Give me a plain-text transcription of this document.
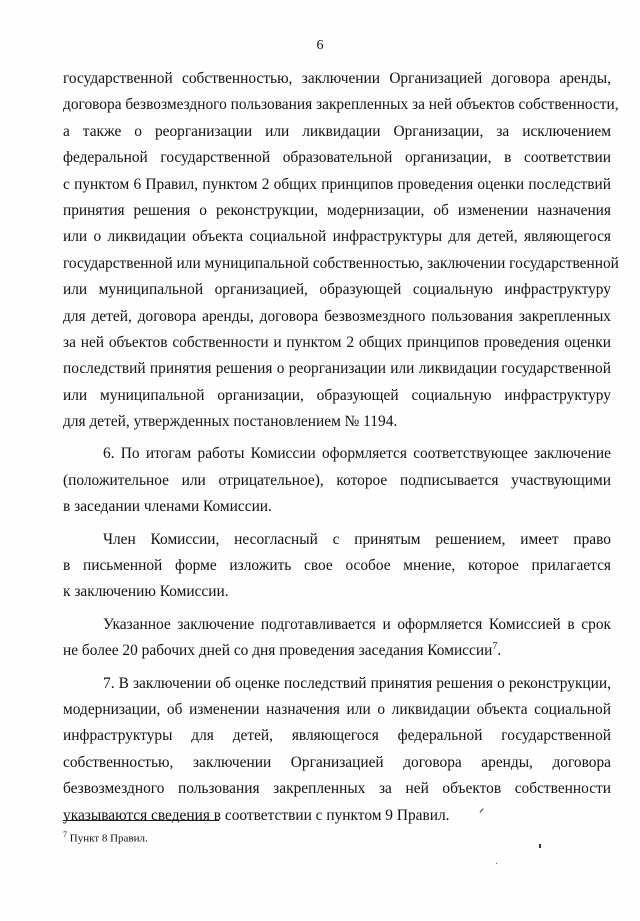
6
государственной собственностью, заключении Организацией договора аренды,
договора безвозмездного пользования закрепленных за ней объектов собственности,
а также о реорганизации или ликвидации Организации, за исключением
федеральной государственной образовательной организации, в соответствии
с пунктом 6 Правил, пунктом 2 общих принципов проведения оценки последствий
принятия решения о реконструкции, модернизации, об изменении назначения
или о ликвидации объекта социальной инфраструктуры для детей, являющегося
государственной или муниципальной собственностью, заключении государственной
или муниципальной организацией, образующей социальную инфраструктуру
для детей, договора аренды, договора безвозмездного пользования закрепленных
за ней объектов собственности и пунктом 2 общих принципов проведения оценки
последствий принятия решения о реорганизации или ликвидации государственной
или муниципальной организации, образующей социальную инфраструктуру
для детей, утвержденных постановлением № 1194.
6. По итогам работы Комиссии оформляется соответствующее заключение
(положительное или отрицательное), которое подписывается участвующими
в заседании членами Комиссии.
Член Комиссии, несогласный с принятым решением, имеет право
в письменной форме изложить свое особое мнение, которое прилагается
к заключению Комиссии.
Указанное заключение подготавливается и оформляется Комиссией в срок
не более 20 рабочих дней со дня проведения заседания Комиссии$^7$.
7. В заключении об оценке последствий принятия решения о реконструкции,
модернизации, об изменении назначения или о ликвидации объекта социальной
инфраструктуры для детей, являющегося федеральной государственной
собственностью, заключении Организацией договора аренды, договора
безвозмездного пользования закрепленных за ней объектов собственности
указываются сведения в соответствии с пунктом 9 Правил.
$^7$ Пункт 8 Правил.
